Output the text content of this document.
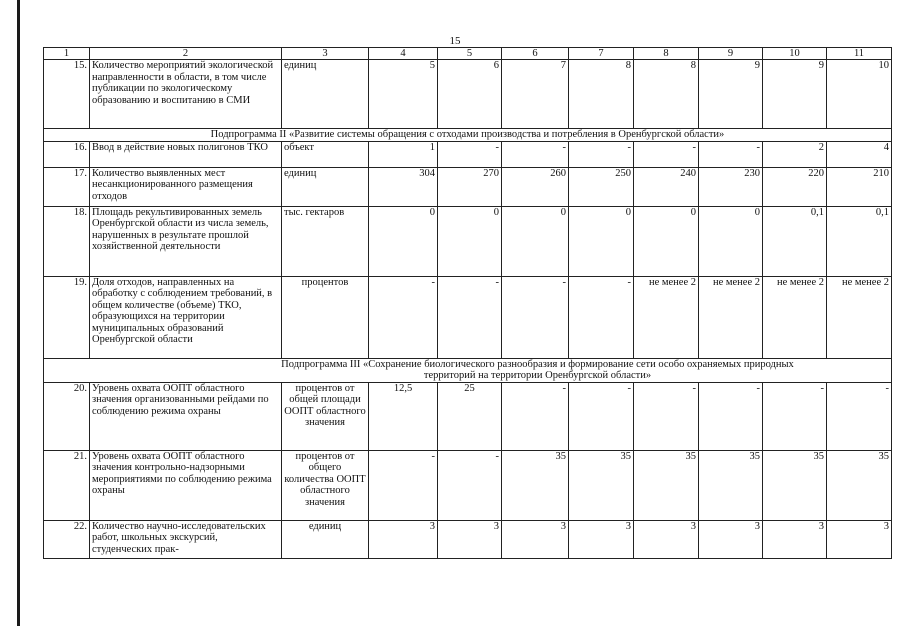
15
1	2	3	4	5	6	7	8	9	10	11
15.	Количество мероприятий экологической направленности в области, в том числе публикации по экологическому образованию и воспитанию в СМИ	единиц	5	6	7	8	8	9	9	10
Подпрограмма II «Развитие системы обращения с отходами производства и потребления в Оренбургской области»										
16.	Ввод в действие новых полигонов ТКО	объект	1	-	-	-	-	-	2	4
17.	Количество выявленных мест несанкционированного размещения отходов	единиц	304	270	260	250	240	230	220	210
18.	Площадь рекультивированных земель Оренбургской области из числа земель, нарушенных в результате прошлой хозяйственной деятельности	тыс. гектаров	0	0	0	0	0	0	0,1	0,1
19.	Доля отходов, направленных на обработку с соблюдением требований, в общем количестве (объеме) ТКО, образующихся на территории муниципальных образований Оренбургской области	процентов	-	-	-	-	не менее 2	не менее 2	не менее 2	не менее 2
Подпрограмма III «Сохранение биологического разнообразия и формирование сети особо охраняемых природных территорий на территории Оренбургской области»										
20.	Уровень охвата ООПТ областного значения организованными рейдами по соблюдению режима охраны	процентов от общей площади ООПТ областного значения	12,5	25	-	-	-	-	-	-
21.	Уровень охвата ООПТ областного значения контрольно-надзорными мероприятиями по соблюдению режима охраны	процентов от общего количества ООПТ областного значения	-	-	35	35	35	35	35	35
22.	Количество научно-исследовательских работ, школьных экскурсий, студенческих прак-	единиц	3	3	3	3	3	3	3	3
